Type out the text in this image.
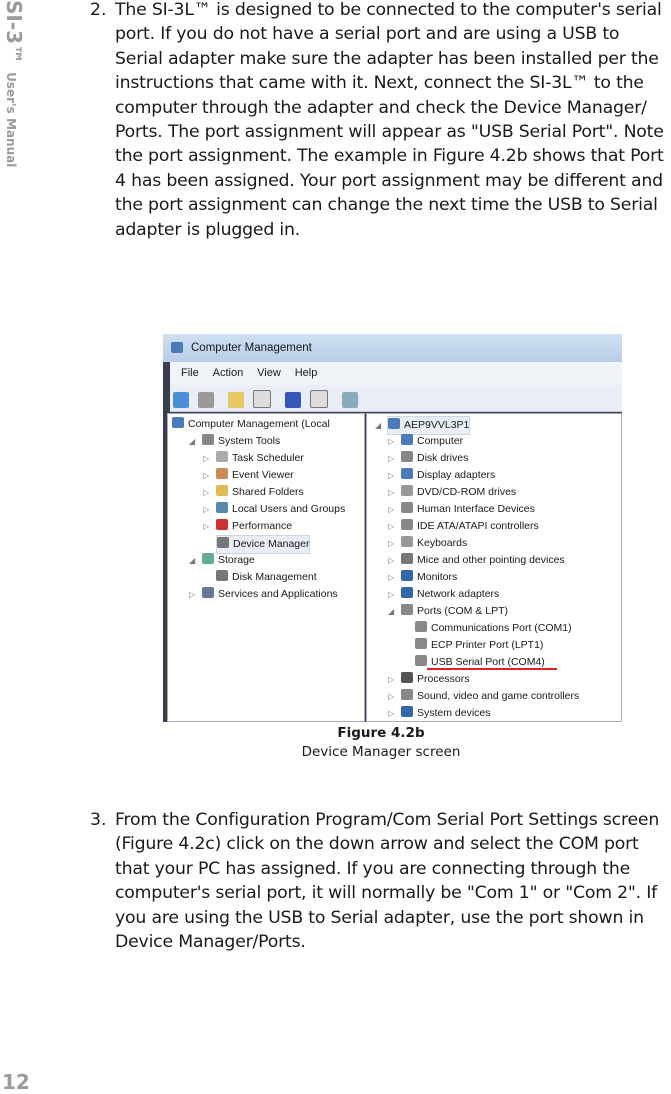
SI-3™User's Manual
2. The SI-3L™ is designed to be connected to the computer's serial port. If you do not have a serial port and are using a USB to Serial adapter make sure the adapter has been installed per the instructions that came with it. Next, connect the SI-3L™ to the computer through the adapter and check the Device Manager/ Ports. The port assignment will appear as "USB Serial Port". Note the port assignment. The example in Figure 4.2b shows that Port 4 has been assigned. Your port assignment may be different and the port assignment can change the next time the USB to Serial adapter is plugged in.
Computer Management
File Action View Help

Computer Management (Local
◢ System Tools
▷ Task Scheduler
▷ Event Viewer
▷ Shared Folders
▷ Local Users and Groups
▷ Performance
Device Manager
◢ Storage
Disk Management
▷ Services and Applications
◢ AEP9VVL3P1
▷ Computer
▷ Disk drives
▷ Display adapters
▷ DVD/CD-ROM drives
▷ Human Interface Devices
▷ IDE ATA/ATAPI controllers
▷ Keyboards
▷ Mice and other pointing devices
▷ Monitors
▷ Network adapters
◢ Ports (COM & LPT)
Communications Port (COM1)
ECP Printer Port (LPT1)
USB Serial Port (COM4)
▷ Processors
▷ Sound, video and game controllers
▷ System devices
Figure 4.2b
Device Manager screen
3. From the Configuration Program/Com Serial Port Settings screen (Figure 4.2c) click on the down arrow and select the COM port that your PC has assigned. If you are connecting through the computer's serial port, it will normally be "Com 1" or "Com 2". If you are using the USB to Serial adapter, use the port shown in Device Manager/Ports.
12
